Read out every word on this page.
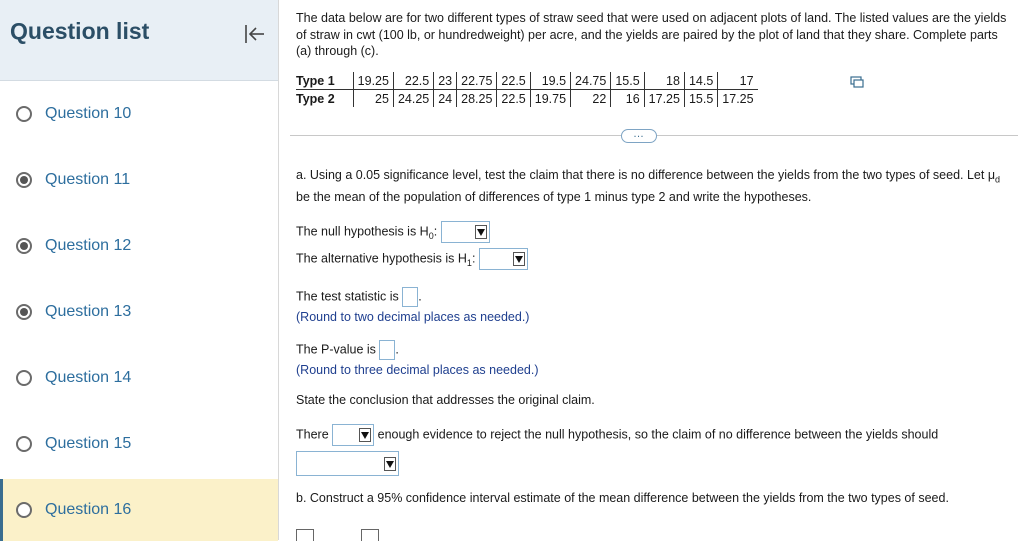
Question list
Question 10
Question 11
Question 12
Question 13
Question 14
Question 15
Question 16
The data below are for two different types of straw seed that were used on adjacent plots of land. The listed values are the yields of straw in cwt (100 lb, or hundredweight) per acre, and the yields are paired by the plot of land that they share. Complete parts (a) through (c).
Type 1	19.25	22.5	23	22.75	22.5	19.5	24.75	15.5	18	14.5	17
Type 2	25	24.25	24	28.25	22.5	19.75	22	16	17.25	15.5	17.25
…
a. Using a 0.05 significance level, test the claim that there is no difference between the yields from the two types of seed. Let $\mu_d$ be the mean of the population of differences of type 1 minus type 2 and write the hypotheses.
The null hypothesis is $H_0$:
The alternative hypothesis is $H_1$:
The test statistic is .
(Round to two decimal places as needed.)
The P-value is .
(Round to three decimal places as needed.)
State the conclusion that addresses the original claim.
There	enough evidence to reject the null hypothesis, so the claim of no difference between the yields should
b. Construct a 95% confidence interval estimate of the mean difference between the yields from the two types of seed.
